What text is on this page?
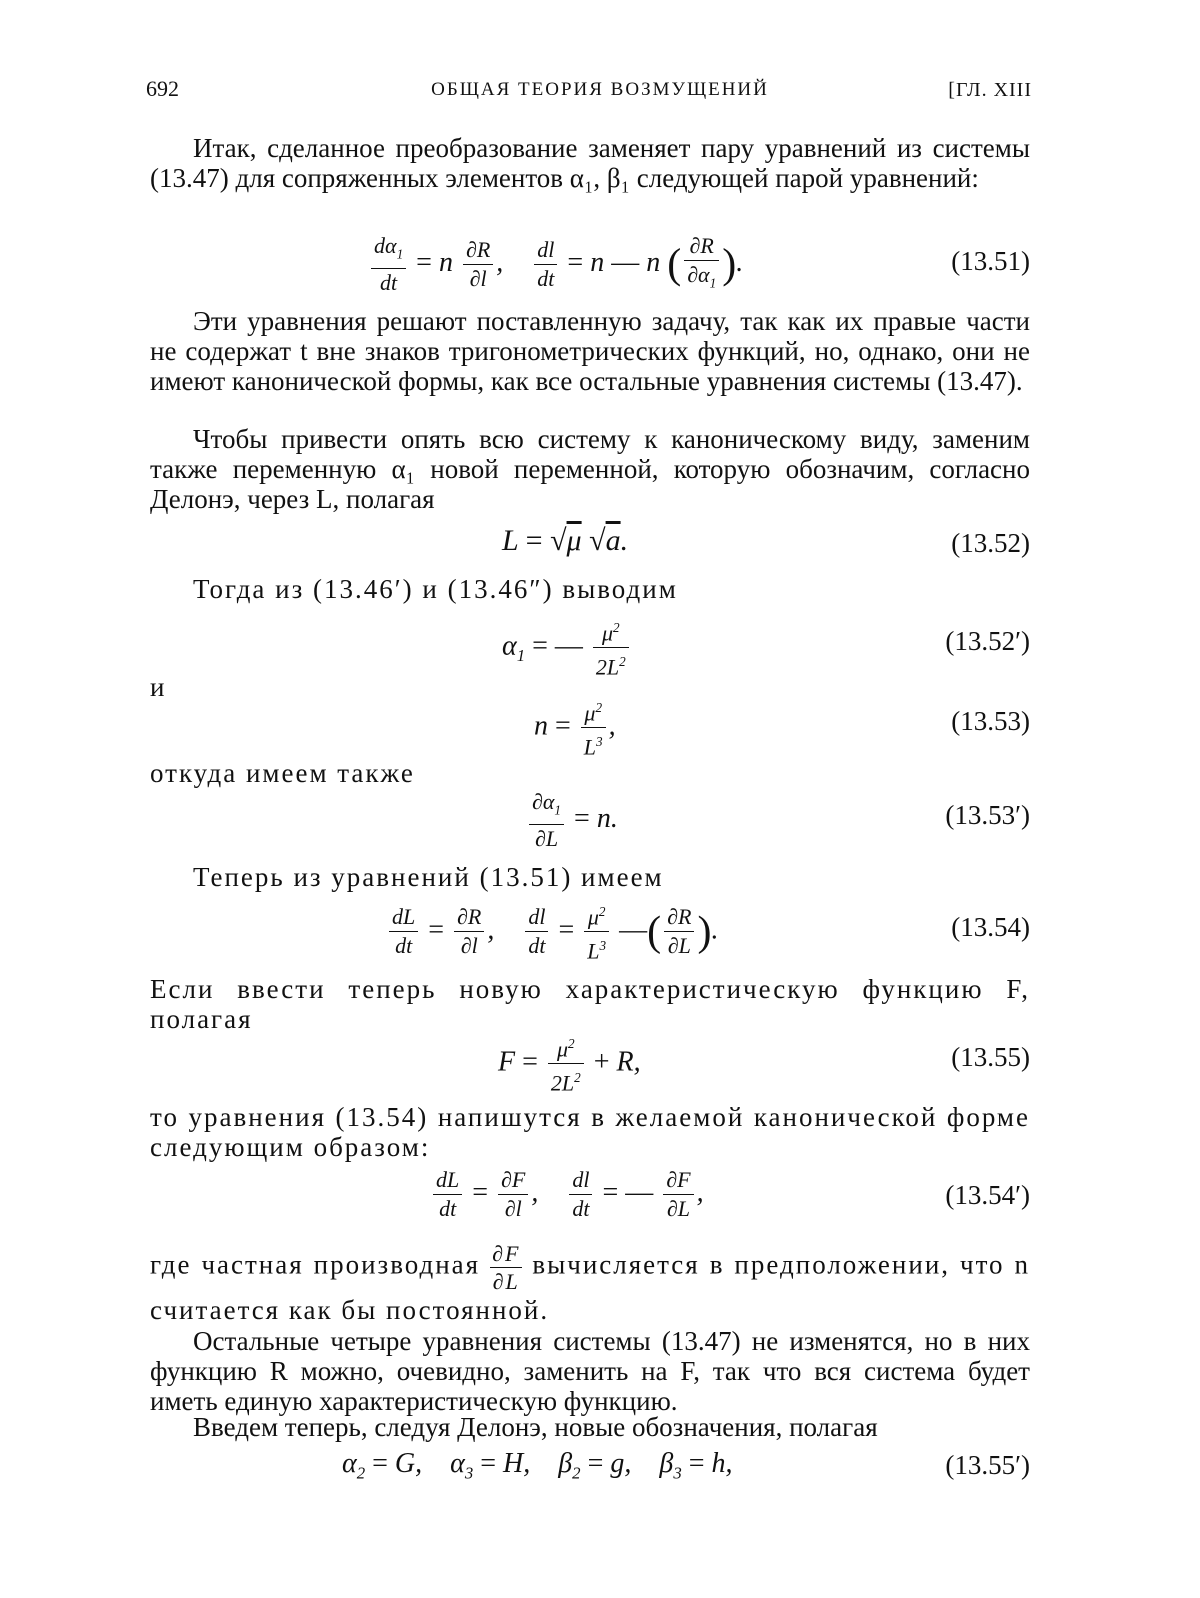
692	ОБЩАЯ ТЕОРИЯ ВОЗМУЩЕНИЙ	[ГЛ. XIII
Итак, сделанное преобразование заменяет пару уравнений из системы (13.47) для сопряженных элементов α₁, β₁ следующей парой уравнений:
$\frac{d\alpha_1}{dt} = n \frac{\partial R}{\partial l}$ , $\frac{dl}{dt} = n$ — n ( $\frac{\partial R}{\partial\alpha_1}$ ).	(13.51)
Эти уравнения решают поставленную задачу, так как их правые части не содержат t вне знаков тригонометрических функций, но, однако, они не имеют канонической формы, как все остальные уравнения системы (13.47).
Чтобы привести опять всю систему к каноническому виду, заменим также переменную α₁ новой переменной, которую обозначим, согласно Делонэ, через L, полагая
L = √μ √a.	(13.52)
Тогда из (13.46′) и (13.46″) выводим
$\alpha_1$ = — $\frac{\mu^2}{2L^2}$	(13.52′)
и
$n = \frac{\mu^2}{L^3}$ ,	(13.53)
откуда имеем также
$\frac{\partial\alpha_1}{\partial L} = n$.	(13.53′)
Теперь из уравнений (13.51) имеем
$\frac{dL}{dt} = \frac{\partial R}{\partial l}$ , $\frac{dl}{dt} = \frac{\mu^2}{L^3}$ —( $\frac{\partial R}{\partial L}$ ).	(13.54)
Если ввести теперь новую характеристическую функцию F, полагая
$F = \frac{\mu^2}{2L^2} + R$,	(13.55)
то уравнения (13.54) напишутся в желаемой канонической форме следующим образом:
$\frac{dL}{dt} = \frac{\partial F}{\partial l}$ , $\frac{dl}{dt}$ = — $\frac{\partial F}{\partial L}$ ,	(13.54′)
где частная производная $\frac{\partial F}{\partial L}$ вычисляется в предположении, что n считается как бы постоянной.
Остальные четыре уравнения системы (13.47) не изменятся, но в них функцию R можно, очевидно, заменить на F, так что вся система будет иметь единую характеристическую функцию.
Введем теперь, следуя Делонэ, новые обозначения, полагая
$\alpha_2 = G$,    $\alpha_3 = H$,    $\beta_2 = g$,    $\beta_3 = h$,	(13.55′)
